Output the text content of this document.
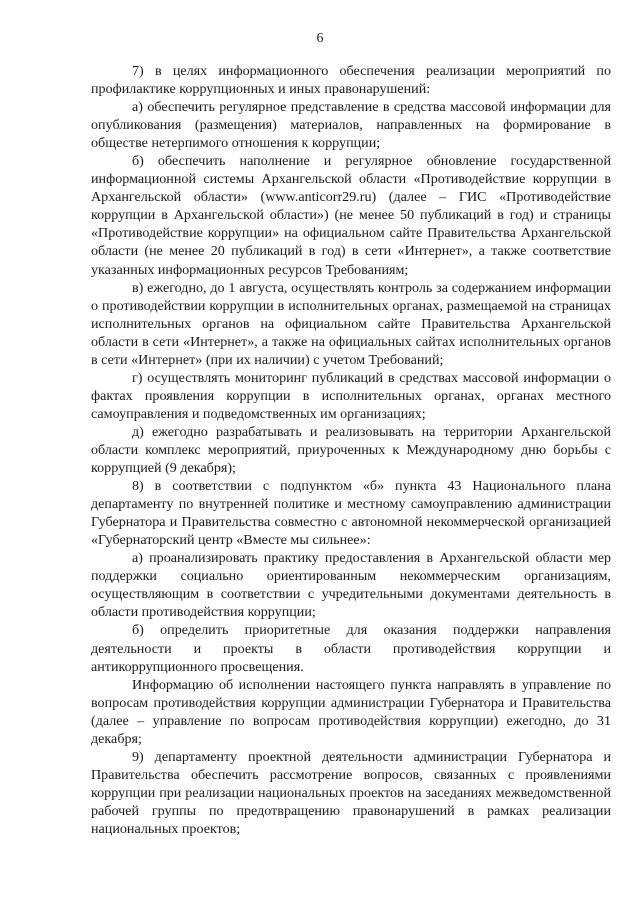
6

7) в целях информационного обеспечения реализации мероприятий по профилактике коррупционных и иных правонарушений:

а) обеспечить регулярное представление в средства массовой информации для опубликования (размещения) материалов, направленных на формирование в обществе нетерпимого отношения к коррупции;

б) обеспечить наполнение и регулярное обновление государственной информационной системы Архангельской области «Противодействие коррупции в Архангельской области» (www.anticorr29.ru) (далее – ГИС «Противодействие коррупции в Архангельской области») (не менее 50 публикаций в год) и страницы «Противодействие коррупции» на официальном сайте Правительства Архангельской области (не менее 20 публикаций в год) в сети «Интернет», а также соответствие указанных информационных ресурсов Требованиям;

в) ежегодно, до 1 августа, осуществлять контроль за содержанием информации о противодействии коррупции в исполнительных органах, размещаемой на страницах исполнительных органов на официальном сайте Правительства Архангельской области в сети «Интернет», а также на официальных сайтах исполнительных органов в сети «Интернет» (при их наличии) с учетом Требований;

г) осуществлять мониторинг публикаций в средствах массовой информации о фактах проявления коррупции в исполнительных органах, органах местного самоуправления и подведомственных им организациях;

д) ежегодно разрабатывать и реализовывать на территории Архангельской области комплекс мероприятий, приуроченных к Международному дню борьбы с коррупцией (9 декабря);

8) в соответствии с подпунктом «б» пункта 43 Национального плана департаменту по внутренней политике и местному самоуправлению администрации Губернатора и Правительства совместно с автономной некоммерческой организацией «Губернаторский центр «Вместе мы сильнее»:

а) проанализировать практику предоставления в Архангельской области мер поддержки социально ориентированным некоммерческим организациям, осуществляющим в соответствии с учредительными документами деятельность в области противодействия коррупции;

б) определить приоритетные для оказания поддержки направления деятельности и проекты в области противодействия коррупции и антикоррупционного просвещения.

Информацию об исполнении настоящего пункта направлять в управление по вопросам противодействия коррупции администрации Губернатора и Правительства (далее – управление по вопросам противодействия коррупции) ежегодно, до 31 декабря;

9) департаменту проектной деятельности администрации Губернатора и Правительства обеспечить рассмотрение вопросов, связанных с проявлениями коррупции при реализации национальных проектов на заседаниях межведомственной рабочей группы по предотвращению правонарушений в рамках реализации национальных проектов;
